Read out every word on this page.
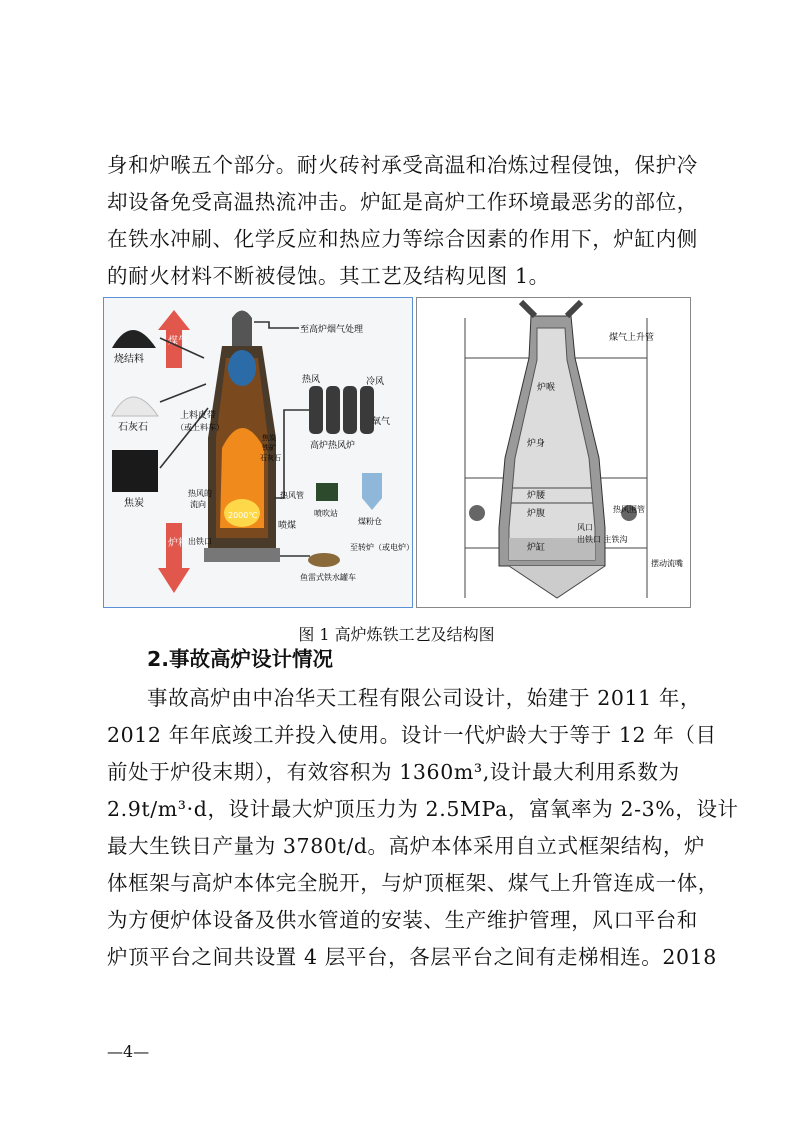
身和炉喉五个部分。耐火砖衬承受高温和冶炼过程侵蚀，保护冷
却设备免受高温热流冲击。炉缸是高炉工作环境最恶劣的部位，
在铁水冲刷、化学反应和热应力等综合因素的作用下，炉缸内侧
的耐火材料不断被侵蚀。其工艺及结构见图 1。
烧结料
石灰石
焦炭
煤气
炉料
2000℃
至高炉烟气处理
上料皮带
（或上料车）
热风	冷风
氧气
高炉热风炉
焦炭
铁矿
石灰石
热风管
热风的
流向
喷煤
喷吹站
煤粉仓
出铁口
至转炉（或电炉）
鱼雷式铁水罐车
煤气上升管
炉喉
炉身
炉腰
炉腹
炉缸
热风围管
风口
出铁口 主铁沟
摆动流嘴

图 1 高炉炼铁工艺及结构图

2.事故高炉设计情况
事故高炉由中冶华天工程有限公司设计，始建于 2011 年，
2012 年年底竣工并投入使用。设计一代炉龄大于等于 12 年（目
前处于炉役末期），有效容积为 1360m³,设计最大利用系数为
2.9t/m³·d，设计最大炉顶压力为 2.5MPa，富氧率为 2-3%，设计
最大生铁日产量为 3780t/d。高炉本体采用自立式框架结构，炉
体框架与高炉本体完全脱开，与炉顶框架、煤气上升管连成一体，
为方便炉体设备及供水管道的安装、生产维护管理，风口平台和
炉顶平台之间共设置 4 层平台，各层平台之间有走梯相连。2018

—4—
